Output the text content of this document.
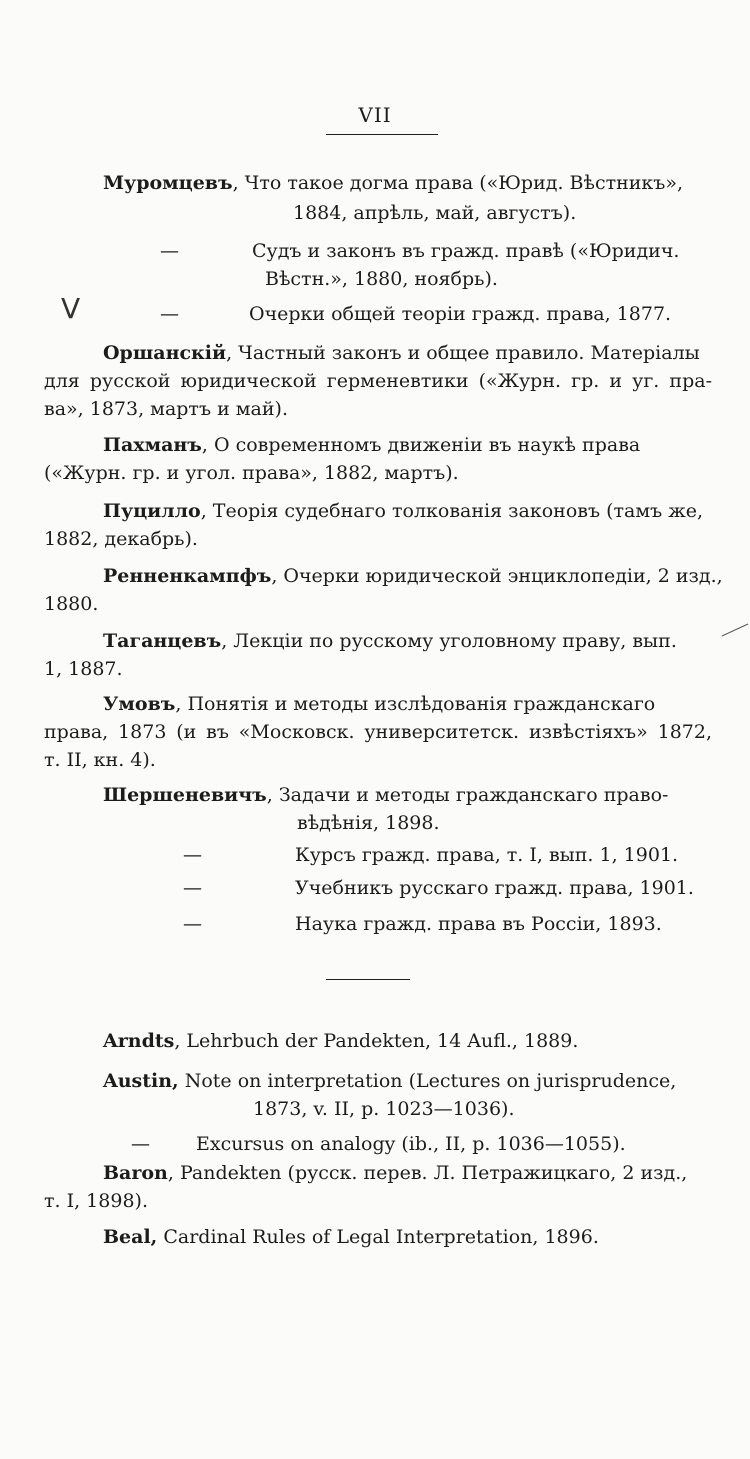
VII
V
Муромцевъ, Что такое догма права («Юрид. Вѣстникъ»,
1884, апрѣль, май, августъ).
—	Судъ и законъ въ гражд. правѣ («Юридич.
Вѣстн.», 1880, ноябрь).
—	Очерки общей теоріи гражд. права, 1877.
Оршанскій, Частный законъ и общее правило. Матеріалы
для русской юридической герменевтики («Журн. гр. и уг. пра-
ва», 1873, мартъ и май).
Пахманъ, О современномъ движеніи въ наукѣ права
(«Журн. гр. и угол. права», 1882, мартъ).
Пуцилло, Теорія судебнаго толкованія законовъ (тамъ же,
1882, декабрь).
Ренненкампфъ, Очерки юридической энциклопедіи, 2 изд.,
1880.
Таганцевъ, Лекціи по русскому уголовному праву, вып.
1, 1887.
Умовъ, Понятія и методы изслѣдованія гражданскаго
права, 1873 (и въ «Московск. университетск. извѣстіяхъ» 1872,
т. II, кн. 4).
Шершеневичъ, Задачи и методы гражданскаго право-
вѣдѣнія, 1898.
—	Курсъ гражд. права, т. I, вып. 1, 1901.
—	Учебникъ русскаго гражд. права, 1901.
—	Наука гражд. права въ Россіи, 1893.
Arndts, Lehrbuch der Pandekten, 14 Aufl., 1889.
Austin, Note on interpretation (Lectures on jurisprudence,
1873, v. II, p. 1023—1036).
— Excursus on analogy (ib., II, p. 1036—1055).
Baron, Pandekten (русск. перев. Л. Петражицкаго, 2 изд.,
т. I, 1898).
Beal, Cardinal Rules of Legal Interpretation, 1896.
